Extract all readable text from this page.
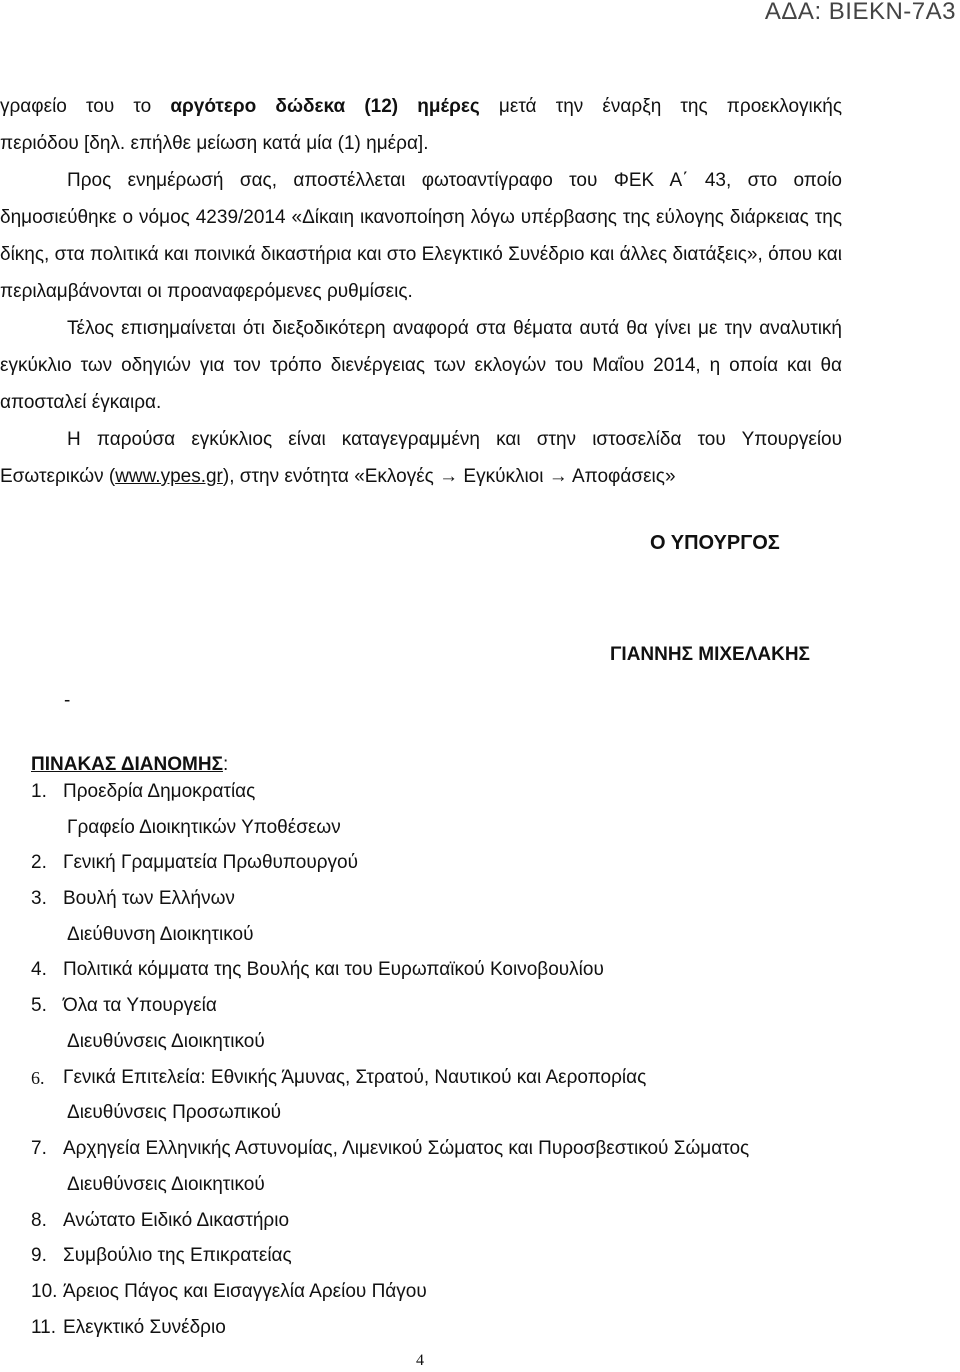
ΑΔΑ: ΒΙΕΚΝ-7Α3

γραφείο του το αργότερο δώδεκα (12) ημέρες μετά την έναρξη της προεκλογικής

περιόδου [δηλ. επήλθε μείωση κατά μία (1) ημέρα].

Προς ενημέρωσή σας, αποστέλλεται φωτοαντίγραφο του ΦΕΚ Α΄ 43, στο οποίο δημοσιεύθηκε ο νόμος 4239/2014 «Δίκαιη ικανοποίηση λόγω υπέρβασης της εύλογης διάρκειας της δίκης, στα πολιτικά και ποινικά δικαστήρια και στο Ελεγκτικό Συνέδριο και άλλες διατάξεις», όπου και περιλαμβάνονται οι προαναφερόμενες ρυθμίσεις.

Τέλος επισημαίνεται ότι διεξοδικότερη αναφορά στα θέματα αυτά θα γίνει με την αναλυτική εγκύκλιο των οδηγιών για τον τρόπο διενέργειας των εκλογών του Μαΐου 2014, η οποία και θα αποσταλεί έγκαιρα.

Η παρούσα εγκύκλιος είναι καταγεγραμμένη και στην ιστοσελίδα του Υπουργείου Εσωτερικών (www.ypes.gr), στην ενότητα «Εκλογές → Εγκύκλιοι → Αποφάσεις»

Ο ΥΠΟΥΡΓΟΣ
ΓΙΑΝΝΗΣ ΜΙΧΕΛΑΚΗΣ
-
ΠΙΝΑΚΑΣ ΔΙΑΝΟΜΗΣ:
1. Προεδρία Δημοκρατίας
Γραφείο Διοικητικών Υποθέσεων
2. Γενική Γραμματεία Πρωθυπουργού
3. Βουλή των Ελλήνων
Διεύθυνση Διοικητικού
4. Πολιτικά κόμματα της Βουλής και του Ευρωπαϊκού Κοινοβουλίου
5. Όλα τα Υπουργεία
Διευθύνσεις Διοικητικού
6. Γενικά Επιτελεία: Εθνικής Άμυνας, Στρατού, Ναυτικού και Αεροπορίας
Διευθύνσεις Προσωπικού
7. Αρχηγεία Ελληνικής Αστυνομίας, Λιμενικού Σώματος και Πυροσβεστικού Σώματος
Διευθύνσεις Διοικητικού
8. Ανώτατο Ειδικό Δικαστήριο
9. Συμβούλιο της Επικρατείας
10. Άρειος Πάγος και Εισαγγελία Αρείου Πάγου
11. Ελεγκτικό Συνέδριο
4
